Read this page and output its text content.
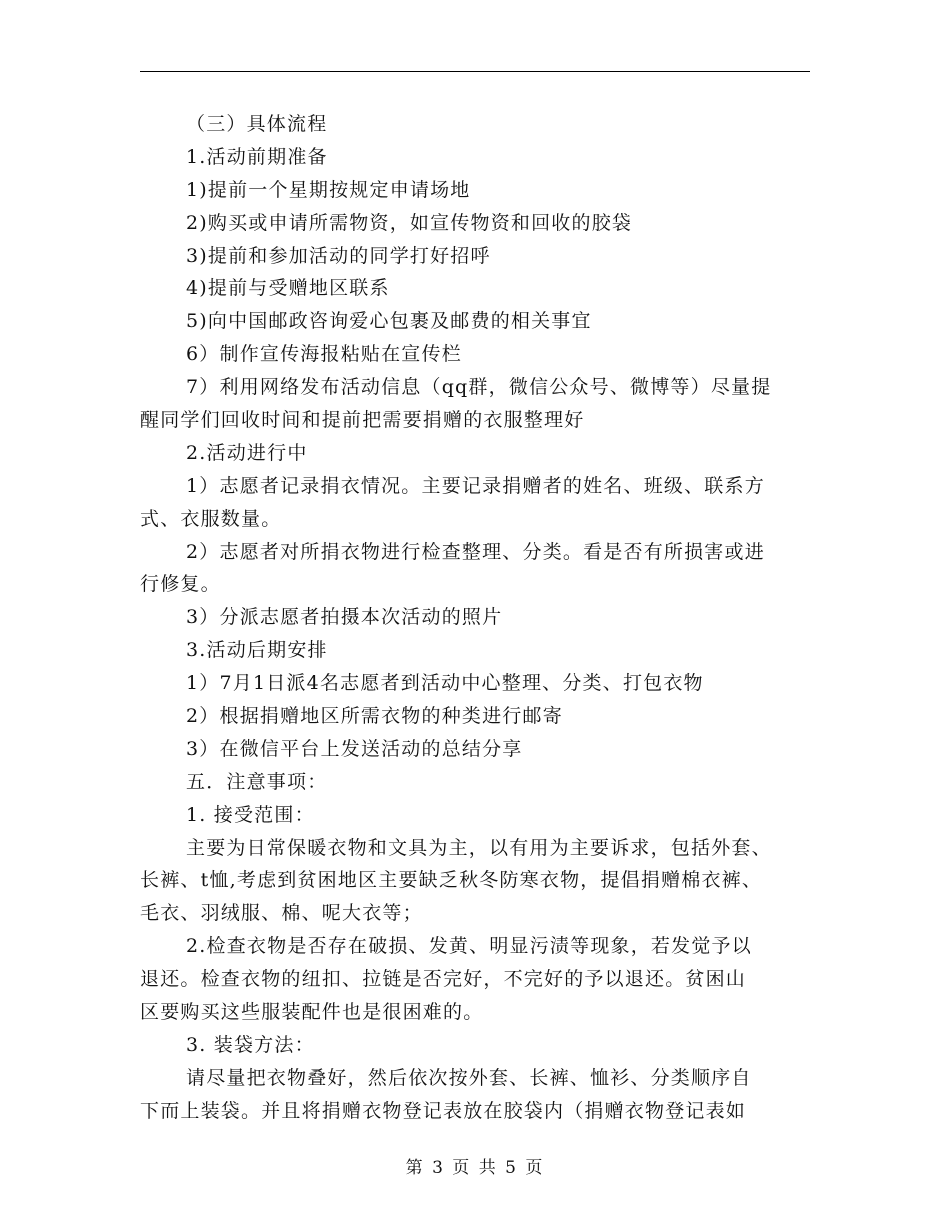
（三）具体流程
1.活动前期准备
1)提前一个星期按规定申请场地
2)购买或申请所需物资，如宣传物资和回收的胶袋
3)提前和参加活动的同学打好招呼
4)提前与受赠地区联系
5)向中国邮政咨询爱心包裹及邮费的相关事宜
6）制作宣传海报粘贴在宣传栏
7）利用网络发布活动信息（qq群，微信公众号、微博等）尽量提
醒同学们回收时间和提前把需要捐赠的衣服整理好
2.活动进行中
1）志愿者记录捐衣情况。主要记录捐赠者的姓名、班级、联系方
式、衣服数量。
2）志愿者对所捐衣物进行检查整理、分类。看是否有所损害或进
行修复。
3）分派志愿者拍摄本次活动的照片
3.活动后期安排
1）7月1日派4名志愿者到活动中心整理、分类、打包衣物
2）根据捐赠地区所需衣物的种类进行邮寄
3）在微信平台上发送活动的总结分享
五．注意事项：
1. 接受范围：
主要为日常保暖衣物和文具为主，以有用为主要诉求，包括外套、
长裤、t恤,考虑到贫困地区主要缺乏秋冬防寒衣物，提倡捐赠棉衣裤、
毛衣、羽绒服、棉、呢大衣等；
2.检查衣物是否存在破损、发黄、明显污渍等现象，若发觉予以
退还。检查衣物的纽扣、拉链是否完好，不完好的予以退还。贫困山
区要购买这些服装配件也是很困难的。
3. 装袋方法：
请尽量把衣物叠好，然后依次按外套、长裤、恤衫、分类顺序自
下而上装袋。并且将捐赠衣物登记表放在胶袋内（捐赠衣物登记表如
第 3 页 共 5 页
